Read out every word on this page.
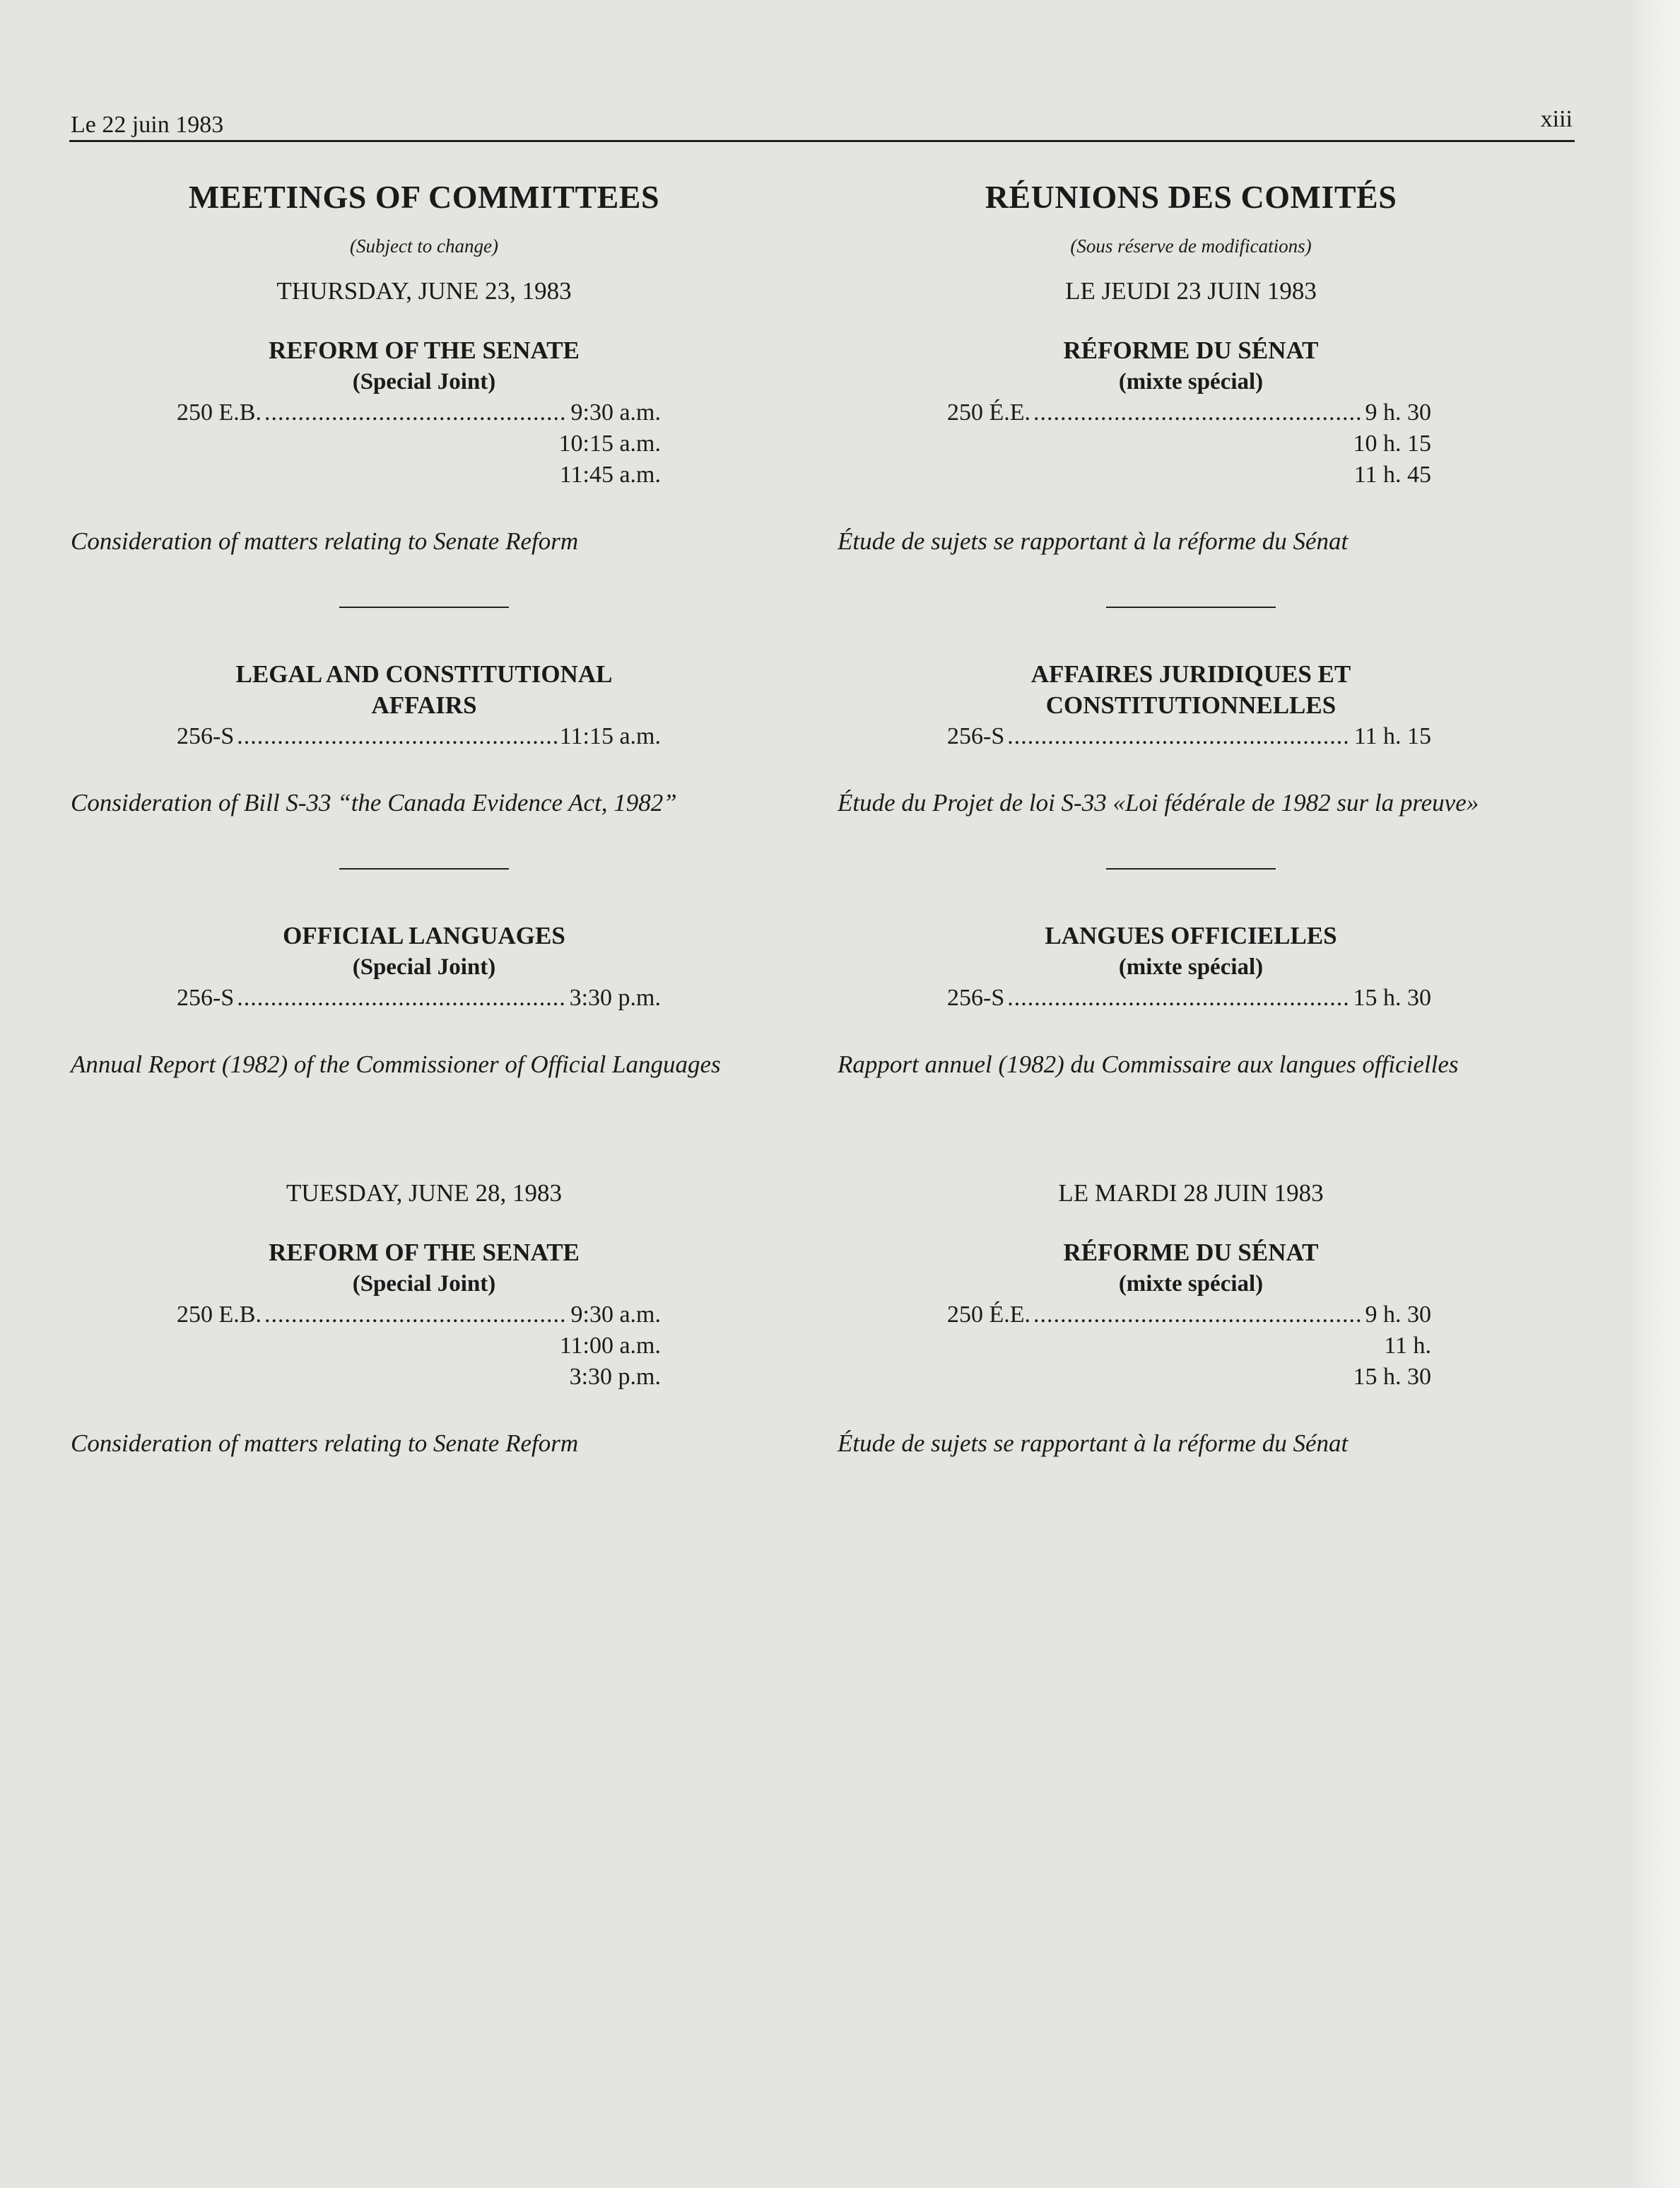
Le 22 juin 1983	xiii
MEETINGS OF COMMITTEES
(Subject to change)
THURSDAY, JUNE 23, 1983
REFORM OF THE SENATE
(Special Joint)
250 E.B. .....	9:30 a.m.
10:15 a.m.
11:45 a.m.
Consideration of matters relating to Senate Reform
LEGAL AND CONSTITUTIONAL
AFFAIRS
256-S .....	11:15 a.m.
Consideration of Bill S-33 “the Canada Evidence Act, 1982”
OFFICIAL LANGUAGES
(Special Joint)
256-S .....	3:30 p.m.
Annual Report (1982) of the Commissioner of Official Languages
TUESDAY, JUNE 28, 1983
REFORM OF THE SENATE
(Special Joint)
250 E.B. .....	9:30 a.m.
11:00 a.m.
3:30 p.m.
Consideration of matters relating to Senate Reform
RÉUNIONS DES COMITÉS
(Sous réserve de modifications)
LE JEUDI 23 JUIN 1983
RÉFORME DU SÉNAT
(mixte spécial)
250 É.E. .....	9 h. 30
10 h. 15
11 h. 45
Étude de sujets se rapportant à la réforme du Sénat
AFFAIRES JURIDIQUES ET
CONSTITUTIONNELLES
256-S .....	11 h. 15
Étude du Projet de loi S-33 «Loi fédérale de 1982 sur la preuve»
LANGUES OFFICIELLES
(mixte spécial)
256-S .....	15 h. 30
Rapport annuel (1982) du Commissaire aux langues officielles
LE MARDI 28 JUIN 1983
RÉFORME DU SÉNAT
(mixte spécial)
250 É.E. .....	9 h. 30
11 h.
15 h. 30
Étude de sujets se rapportant à la réforme du Sénat
